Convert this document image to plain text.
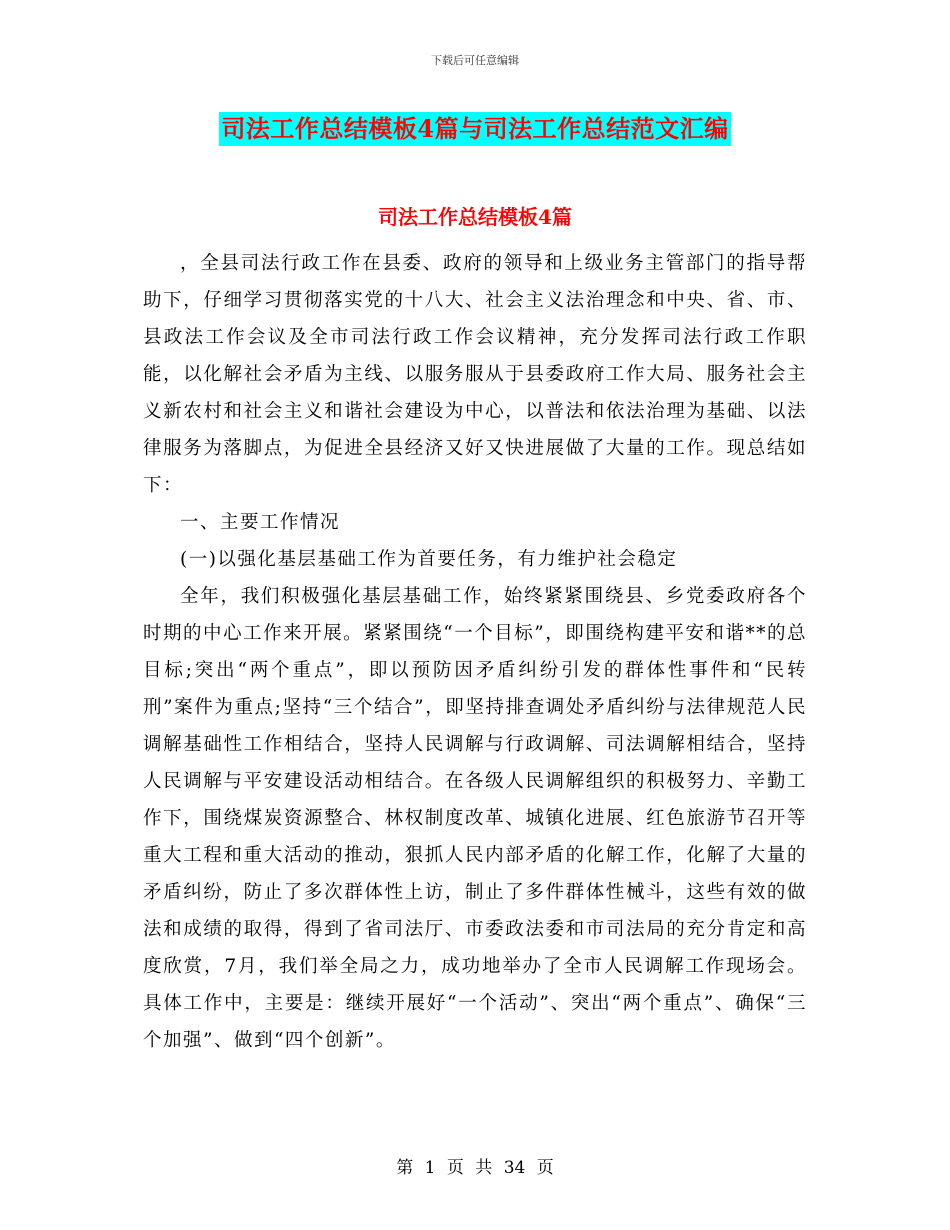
下载后可任意编辑
司法工作总结模板4篇与司法工作总结范文汇编
司法工作总结模板4篇

，全县司法行政工作在县委、政府的领导和上级业务主管部门的指导帮助下，仔细学习贯彻落实党的十八大、社会主义法治理念和中央、省、市、县政法工作会议及全市司法行政工作会议精神，充分发挥司法行政工作职能，以化解社会矛盾为主线、以服务服从于县委政府工作大局、服务社会主义新农村和社会主义和谐社会建设为中心，以普法和依法治理为基础、以法律服务为落脚点，为促进全县经济又好又快进展做了大量的工作。现总结如下：

一、主要工作情况

(一)以强化基层基础工作为首要任务，有力维护社会稳定

全年，我们积极强化基层基础工作，始终紧紧围绕县、乡党委政府各个时期的中心工作来开展。紧紧围绕“一个目标”，即围绕构建平安和谐**的总目标;突出“两个重点”，即以预防因矛盾纠纷引发的群体性事件和“民转刑”案件为重点;坚持“三个结合”，即坚持排查调处矛盾纠纷与法律规范人民调解基础性工作相结合，坚持人民调解与行政调解、司法调解相结合，坚持人民调解与平安建设活动相结合。在各级人民调解组织的积极努力、辛勤工作下，围绕煤炭资源整合、林权制度改革、城镇化进展、红色旅游节召开等重大工程和重大活动的推动，狠抓人民内部矛盾的化解工作，化解了大量的矛盾纠纷，防止了多次群体性上访，制止了多件群体性械斗，这些有效的做法和成绩的取得，得到了省司法厅、市委政法委和市司法局的充分肯定和高度欣赏，7月，我们举全局之力，成功地举办了全市人民调解工作现场会。具体工作中，主要是：继续开展好“一个活动”、突出“两个重点”、确保“三个加强”、做到“四个创新”。

第 1 页 共 34 页
